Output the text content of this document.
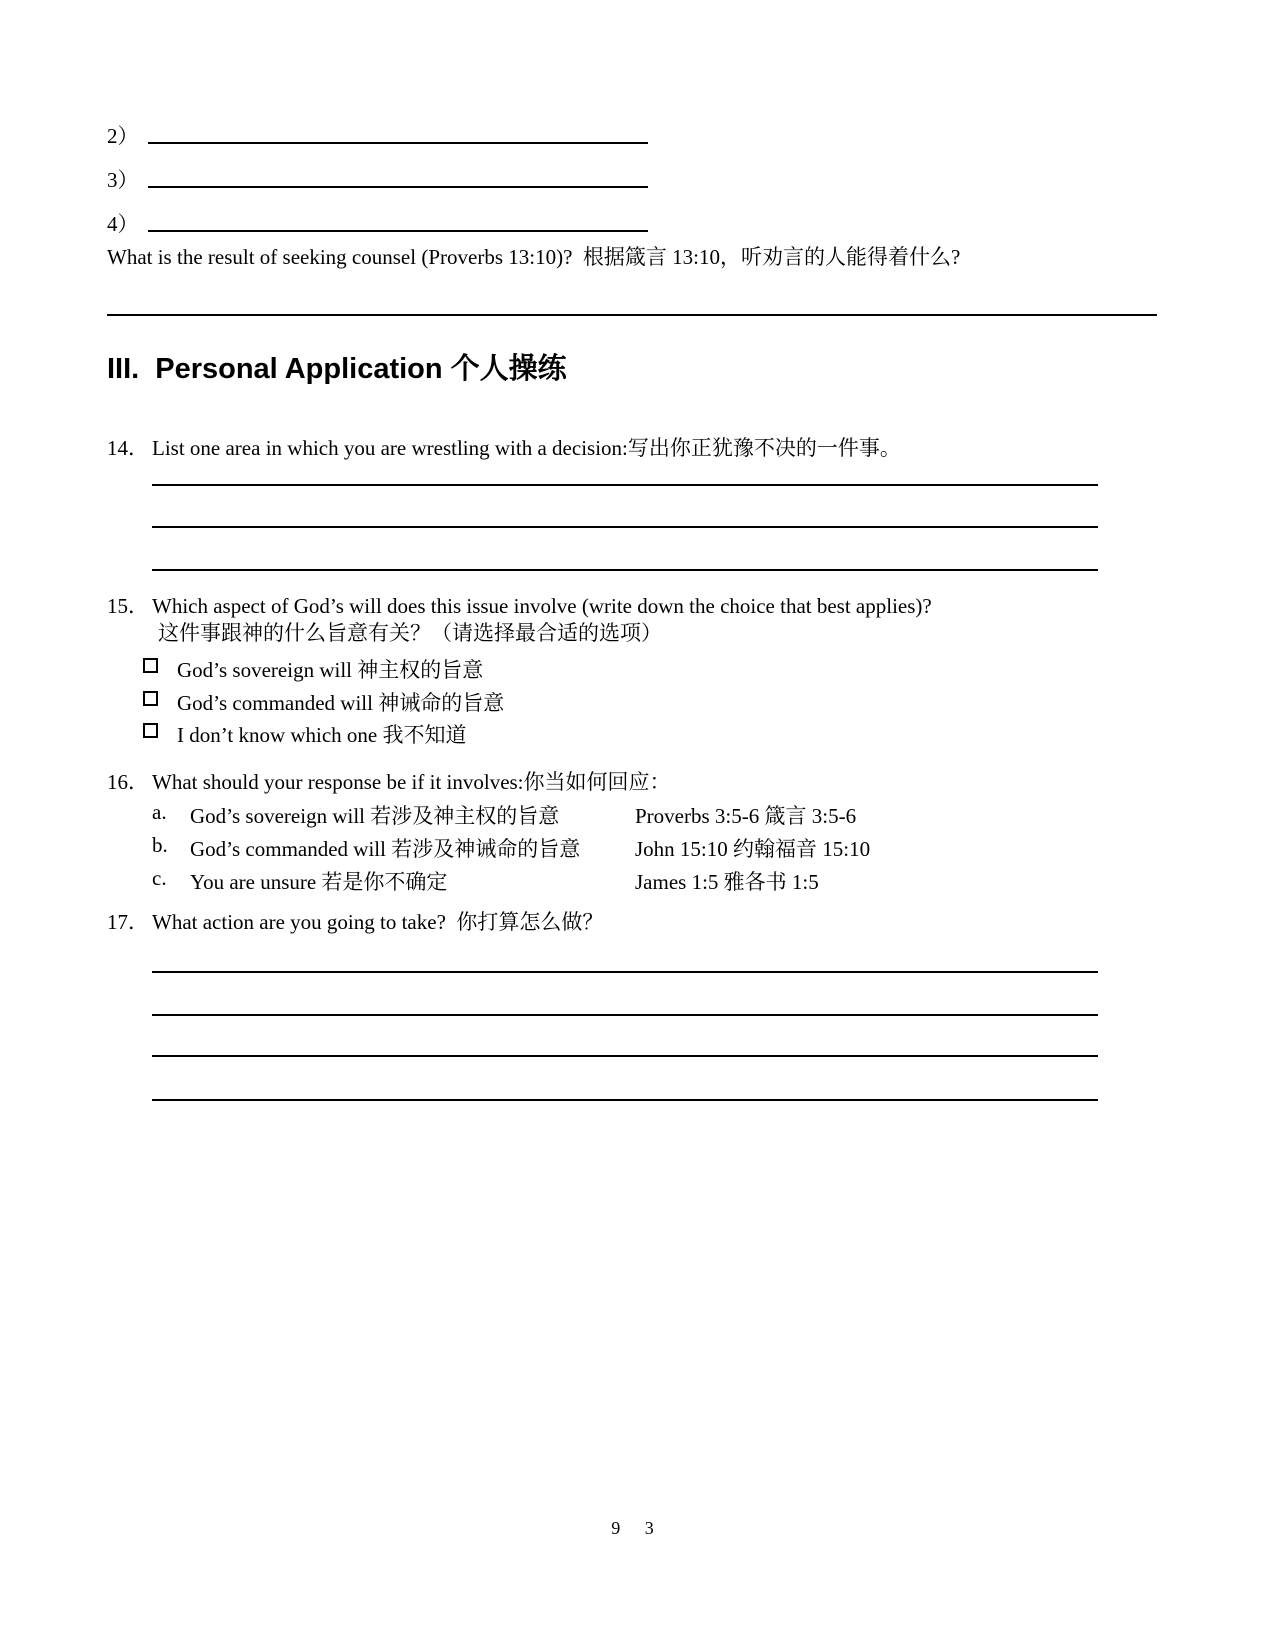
2）
3）
4）
What is the result of seeking counsel (Proverbs 13:10)?  根据箴言 13:10，听劝言的人能得着什么?
III. Personal Application 个人操练
14． List one area in which you are wrestling with a decision:写出你正犹豫不决的一件事。
15． Which aspect of God’s will does this issue involve (write down the choice that best applies)?
这件事跟神的什么旨意有关？（请选择最合适的选项）
God’s sovereign will 神主权的旨意
God’s commanded will 神诫命的旨意
I don’t know which one 我不知道
16． What should your response be if it involves:你当如何回应：
a. God’s sovereign will 若涉及神主权的旨意	Proverbs 3:5-6 箴言 3:5-6
b. God’s commanded will 若涉及神诫命的旨意	John 15:10 约翰福音 15:10
c. You are unsure 若是你不确定	James 1:5 雅各书 1:5
17． What action are you going to take?  你打算怎么做？
9 3
